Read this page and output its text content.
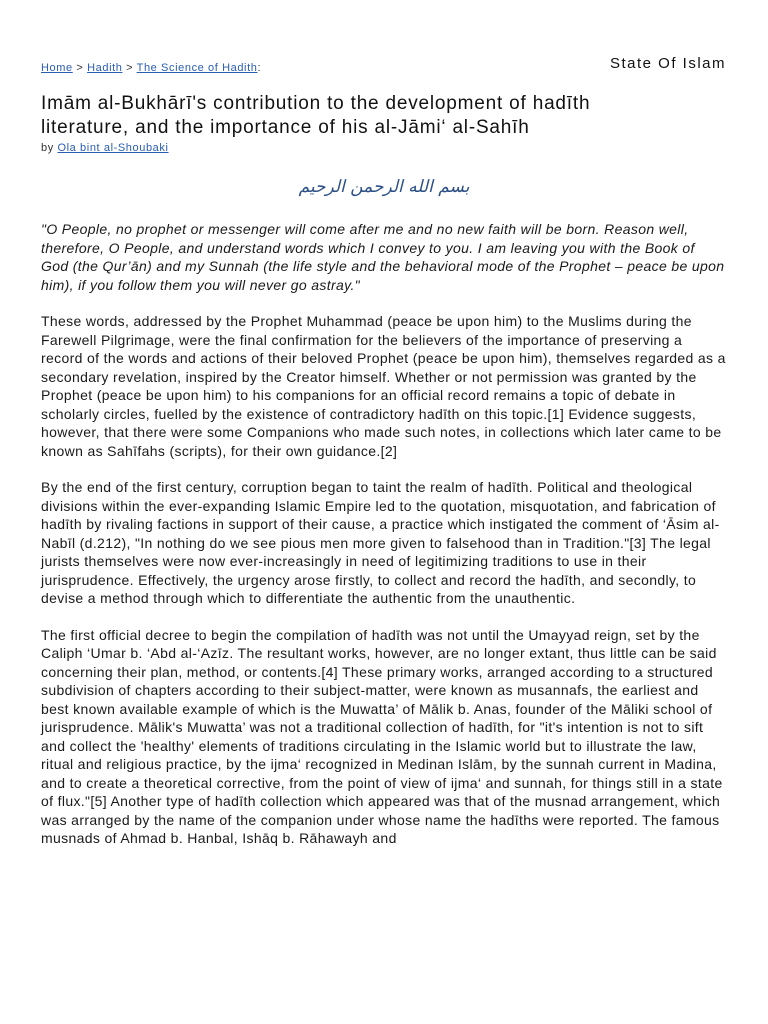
Home > Hadith > The Science of Hadith:	State Of Islam
Imām al-Bukhārī's contribution to the development of hadīth
literature, and the importance of his al-Jāmi‘ al-Sahīh
by Ola bint al-Shoubaki
بسم الله الرحمن الرحيم

"O People, no prophet or messenger will come after me and no new faith will be born. Reason well, therefore, O People, and understand words which I convey to you. I am leaving you with the Book of God (the Qur’ān) and my Sunnah (the life style and the behavioral mode of the Prophet – peace be upon him), if you follow them you will never go astray."

These words, addressed by the Prophet Muhammad (peace be upon him) to the Muslims during the Farewell Pilgrimage, were the final confirmation for the believers of the importance of preserving a record of the words and actions of their beloved Prophet (peace be upon him), themselves regarded as a secondary revelation, inspired by the Creator himself. Whether or not permission was granted by the Prophet (peace be upon him) to his companions for an official record remains a topic of debate in scholarly circles, fuelled by the existence of contradictory hadīth on this topic.[1] Evidence suggests, however, that there were some Companions who made such notes, in collections which later came to be known as Sahīfahs (scripts), for their own guidance.[2]

By the end of the first century, corruption began to taint the realm of hadīth. Political and theological divisions within the ever-expanding Islamic Empire led to the quotation, misquotation, and fabrication of hadīth by rivaling factions in support of their cause, a practice which instigated the comment of ‘Āsim al-Nabīl (d.212), "In nothing do we see pious men more given to falsehood than in Tradition."[3] The legal jurists themselves were now ever-increasingly in need of legitimizing traditions to use in their jurisprudence. Effectively, the urgency arose firstly, to collect and record the hadīth, and secondly, to devise a method through which to differentiate the authentic from the unauthentic.

The first official decree to begin the compilation of hadīth was not until the Umayyad reign, set by the Caliph ‘Umar b. ‘Abd al-‘Azīz. The resultant works, however, are no longer extant, thus little can be said concerning their plan, method, or contents.[4] These primary works, arranged according to a structured subdivision of chapters according to their subject-matter, were known as musannafs, the earliest and best known available example of which is the Muwatta’ of Mālik b. Anas, founder of the Māliki school of jurisprudence. Mālik's Muwatta’ was not a traditional collection of hadīth, for "it's intention is not to sift and collect the 'healthy' elements of traditions circulating in the Islamic world but to illustrate the law, ritual and religious practice, by the ijma‘ recognized in Medinan Islām, by the sunnah current in Madina, and to create a theoretical corrective, from the point of view of ijma‘ and sunnah, for things still in a state of flux."[5] Another type of hadīth collection which appeared was that of the musnad arrangement, which was arranged by the name of the companion under whose name the hadīths were reported. The famous musnads of Ahmad b. Hanbal, Ishāq b. Rāhawayh and
